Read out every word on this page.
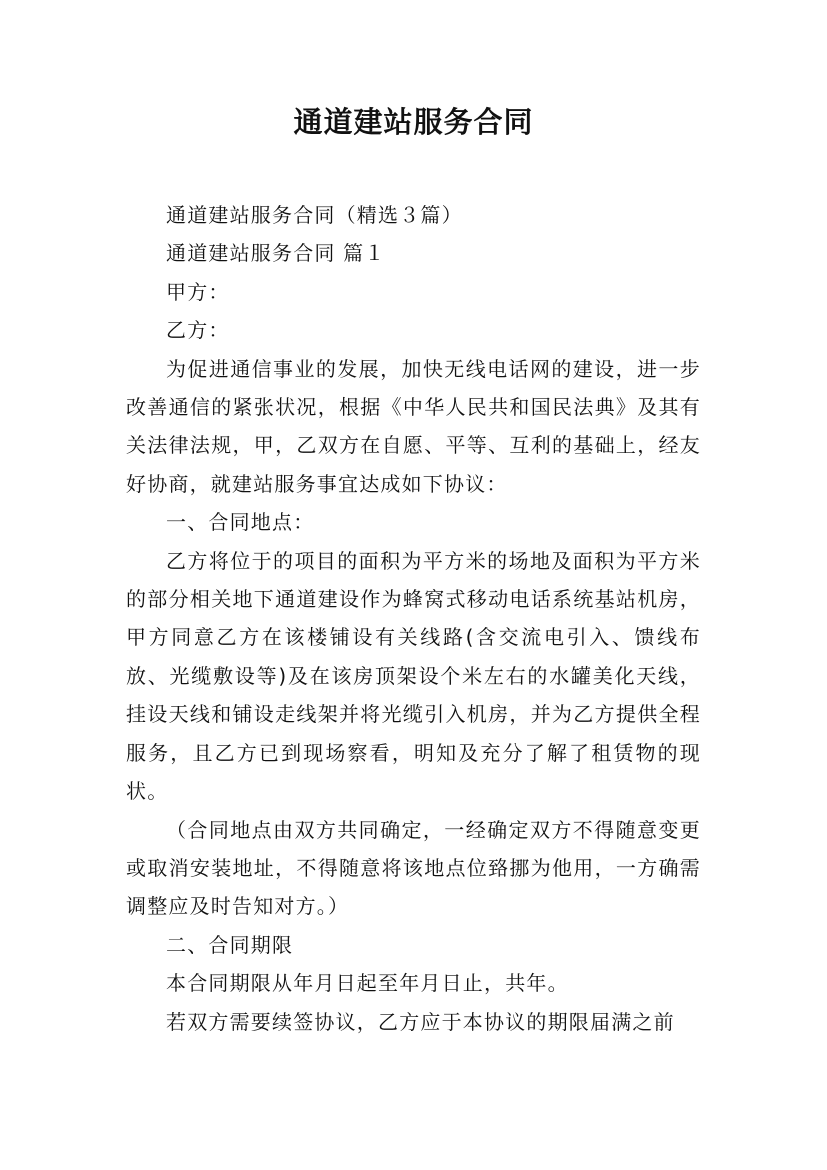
通道建站服务合同

通道建站服务合同（精选３篇）

通道建站服务合同 篇１

甲方：

乙方：

为促进通信事业的发展，加快无线电话网的建设，进一步改善通信的紧张状况，根据《中华人民共和国民法典》及其有关法律法规，甲，乙双方在自愿、平等、互利的基础上，经友好协商，就建站服务事宜达成如下协议：

一、合同地点：

乙方将位于的项目的面积为平方米的场地及面积为平方米的部分相关地下通道建设作为蜂窝式移动电话系统基站机房，甲方同意乙方在该楼铺设有关线路(含交流电引入、馈线布放、光缆敷设等)及在该房顶架设个米左右的水罐美化天线，挂设天线和铺设走线架并将光缆引入机房，并为乙方提供全程服务，且乙方已到现场察看，明知及充分了解了租赁物的现状。

（合同地点由双方共同确定，一经确定双方不得随意变更或取消安装地址，不得随意将该地点位臵挪为他用，一方确需调整应及时告知对方。）

二、合同期限

本合同期限从年月日起至年月日止，共年。

若双方需要续签协议，乙方应于本协议的期限届满之前
